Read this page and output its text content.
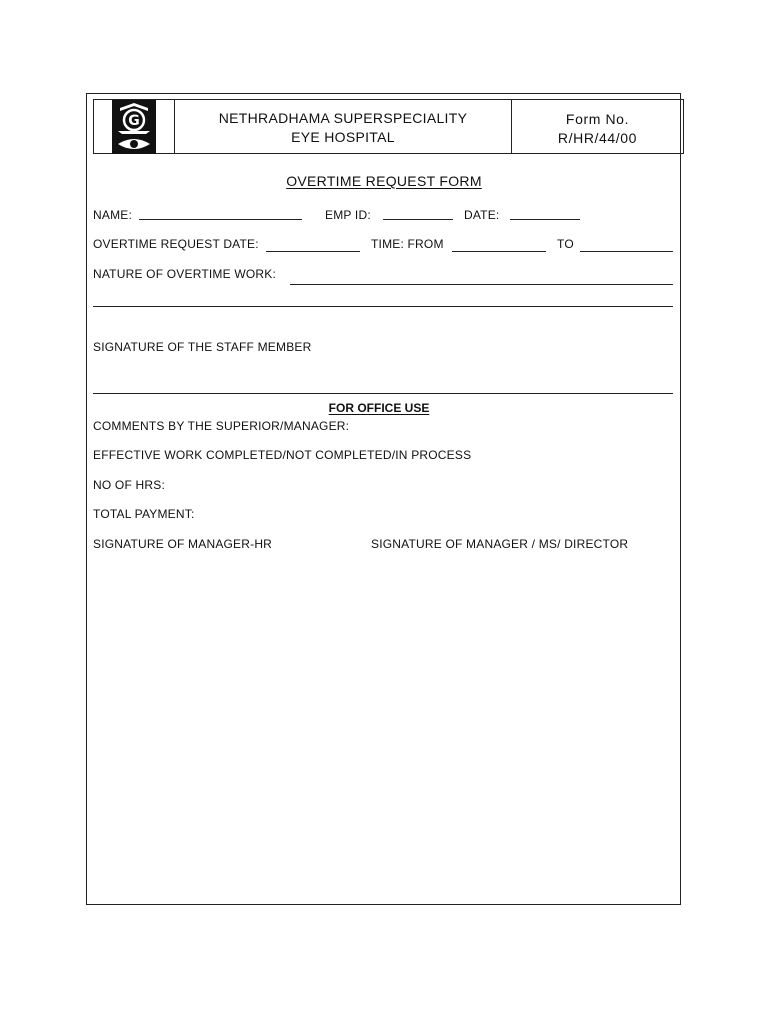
G	NETHRADHAMA SUPERSPECIALITY
EYE HOSPITAL
Form No.
R/HR/44/00
OVERTIME REQUEST FORM
NAME:	EMP ID:	DATE:
OVERTIME REQUEST DATE:	TIME: FROM	TO
NATURE OF OVERTIME WORK:
SIGNATURE OF THE STAFF MEMBER
FOR OFFICE USE
COMMENTS BY THE SUPERIOR/MANAGER:
EFFECTIVE WORK COMPLETED/NOT COMPLETED/IN PROCESS
NO OF HRS:
TOTAL PAYMENT:
SIGNATURE OF MANAGER-HR	SIGNATURE OF MANAGER / MS/ DIRECTOR
